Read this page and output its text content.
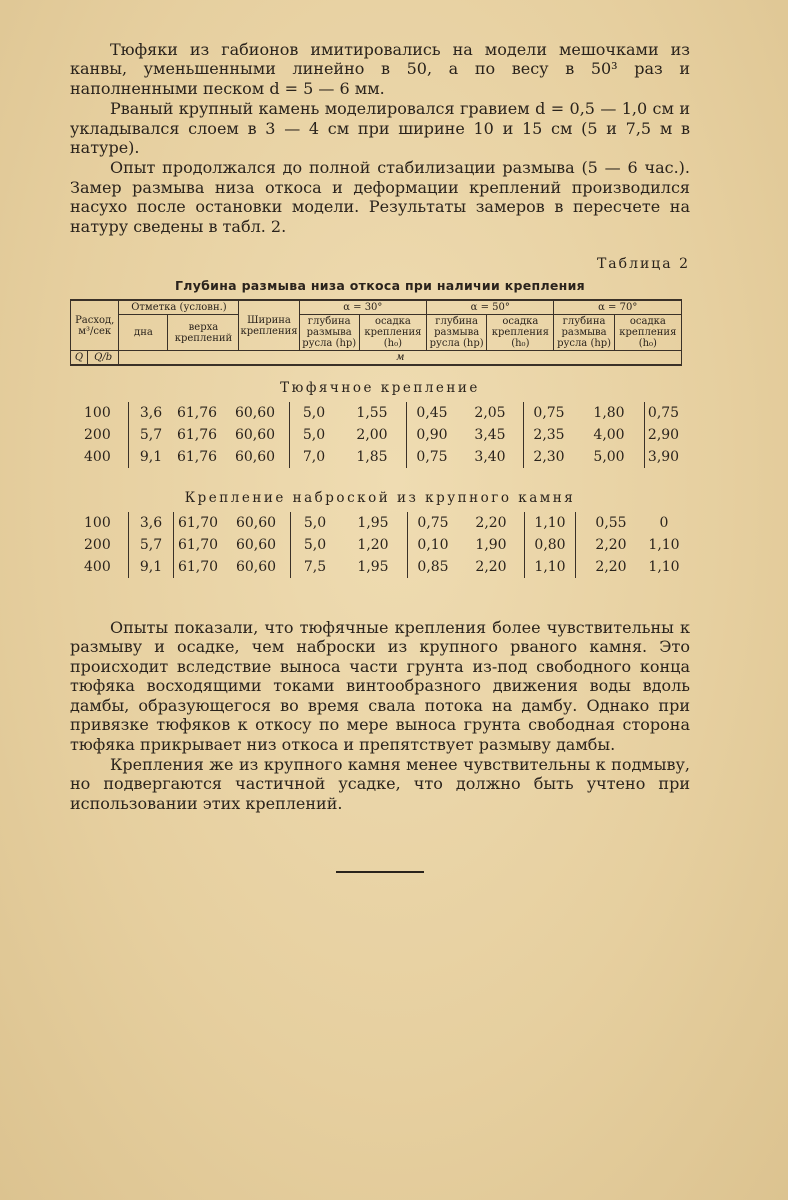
Тюфяки из габионов имитировались на модели мешочками из канвы, уменьшенными линейно в 50, а по весу в 50³ раз и наполненными песком d = 5 — 6 мм.

Рваный крупный камень моделировался гравием d = 0,5 — 1,0 см и укладывался слоем в 3 — 4 см при ширине 10 и 15 см (5 и 7,5 м в натуре).

Опыт продолжался до полной стабилизации размыва (5 — 6 час.). Замер размыва низа откоса и деформации креплений производился насухо после остановки модели. Результаты замеров в пересчете на натуру сведены в табл. 2.

Таблица 2
Глубина размыва низа откоса при наличии крепления
Расход, м³/сек		Отметка (условн.)		Ширина крепления	α = 30°		α = 50°		α = 70°	
		дна	верха креплений		глубина размыва русла (hp)	осадка крепления (h₀)	глубина размыва русла (hp)	осадка крепления (h₀)	глубина размыва русла (hp)	осадка крепления (h₀)
Q	Q/b	м								
Тюфячное крепление
100	3,6	61,76	60,60	5,0	1,55	0,45	2,05	0,75	1,80	0,75
200	5,7	61,76	60,60	5,0	2,00	0,90	3,45	2,35	4,00	2,90
400	9,1	61,76	60,60	7,0	1,85	0,75	3,40	2,30	5,00	3,90
Крепление наброской из крупного камня
100	3,6	61,70	60,60	5,0	1,95	0,75	2,20	1,10	0,55	0
200	5,7	61,70	60,60	5,0	1,20	0,10	1,90	0,80	2,20	1,10
400	9,1	61,70	60,60	7,5	1,95	0,85	2,20	1,10	2,20	1,10

Опыты показали, что тюфячные крепления более чувствительны к размыву и осадке, чем наброски из крупного рваного камня. Это происходит вследствие выноса части грунта из-под свободного конца тюфяка восходящими токами винтообразного движения воды вдоль дамбы, образующегося во время свала потока на дамбу. Однако при привязке тюфяков к откосу по мере выноса грунта свободная сторона тюфяка прикрывает низ откоса и препятствует размыву дамбы.

Крепления же из крупного камня менее чувствительны к подмыву, но подвергаются частичной усадке, что должно быть учтено при использовании этих креплений.
